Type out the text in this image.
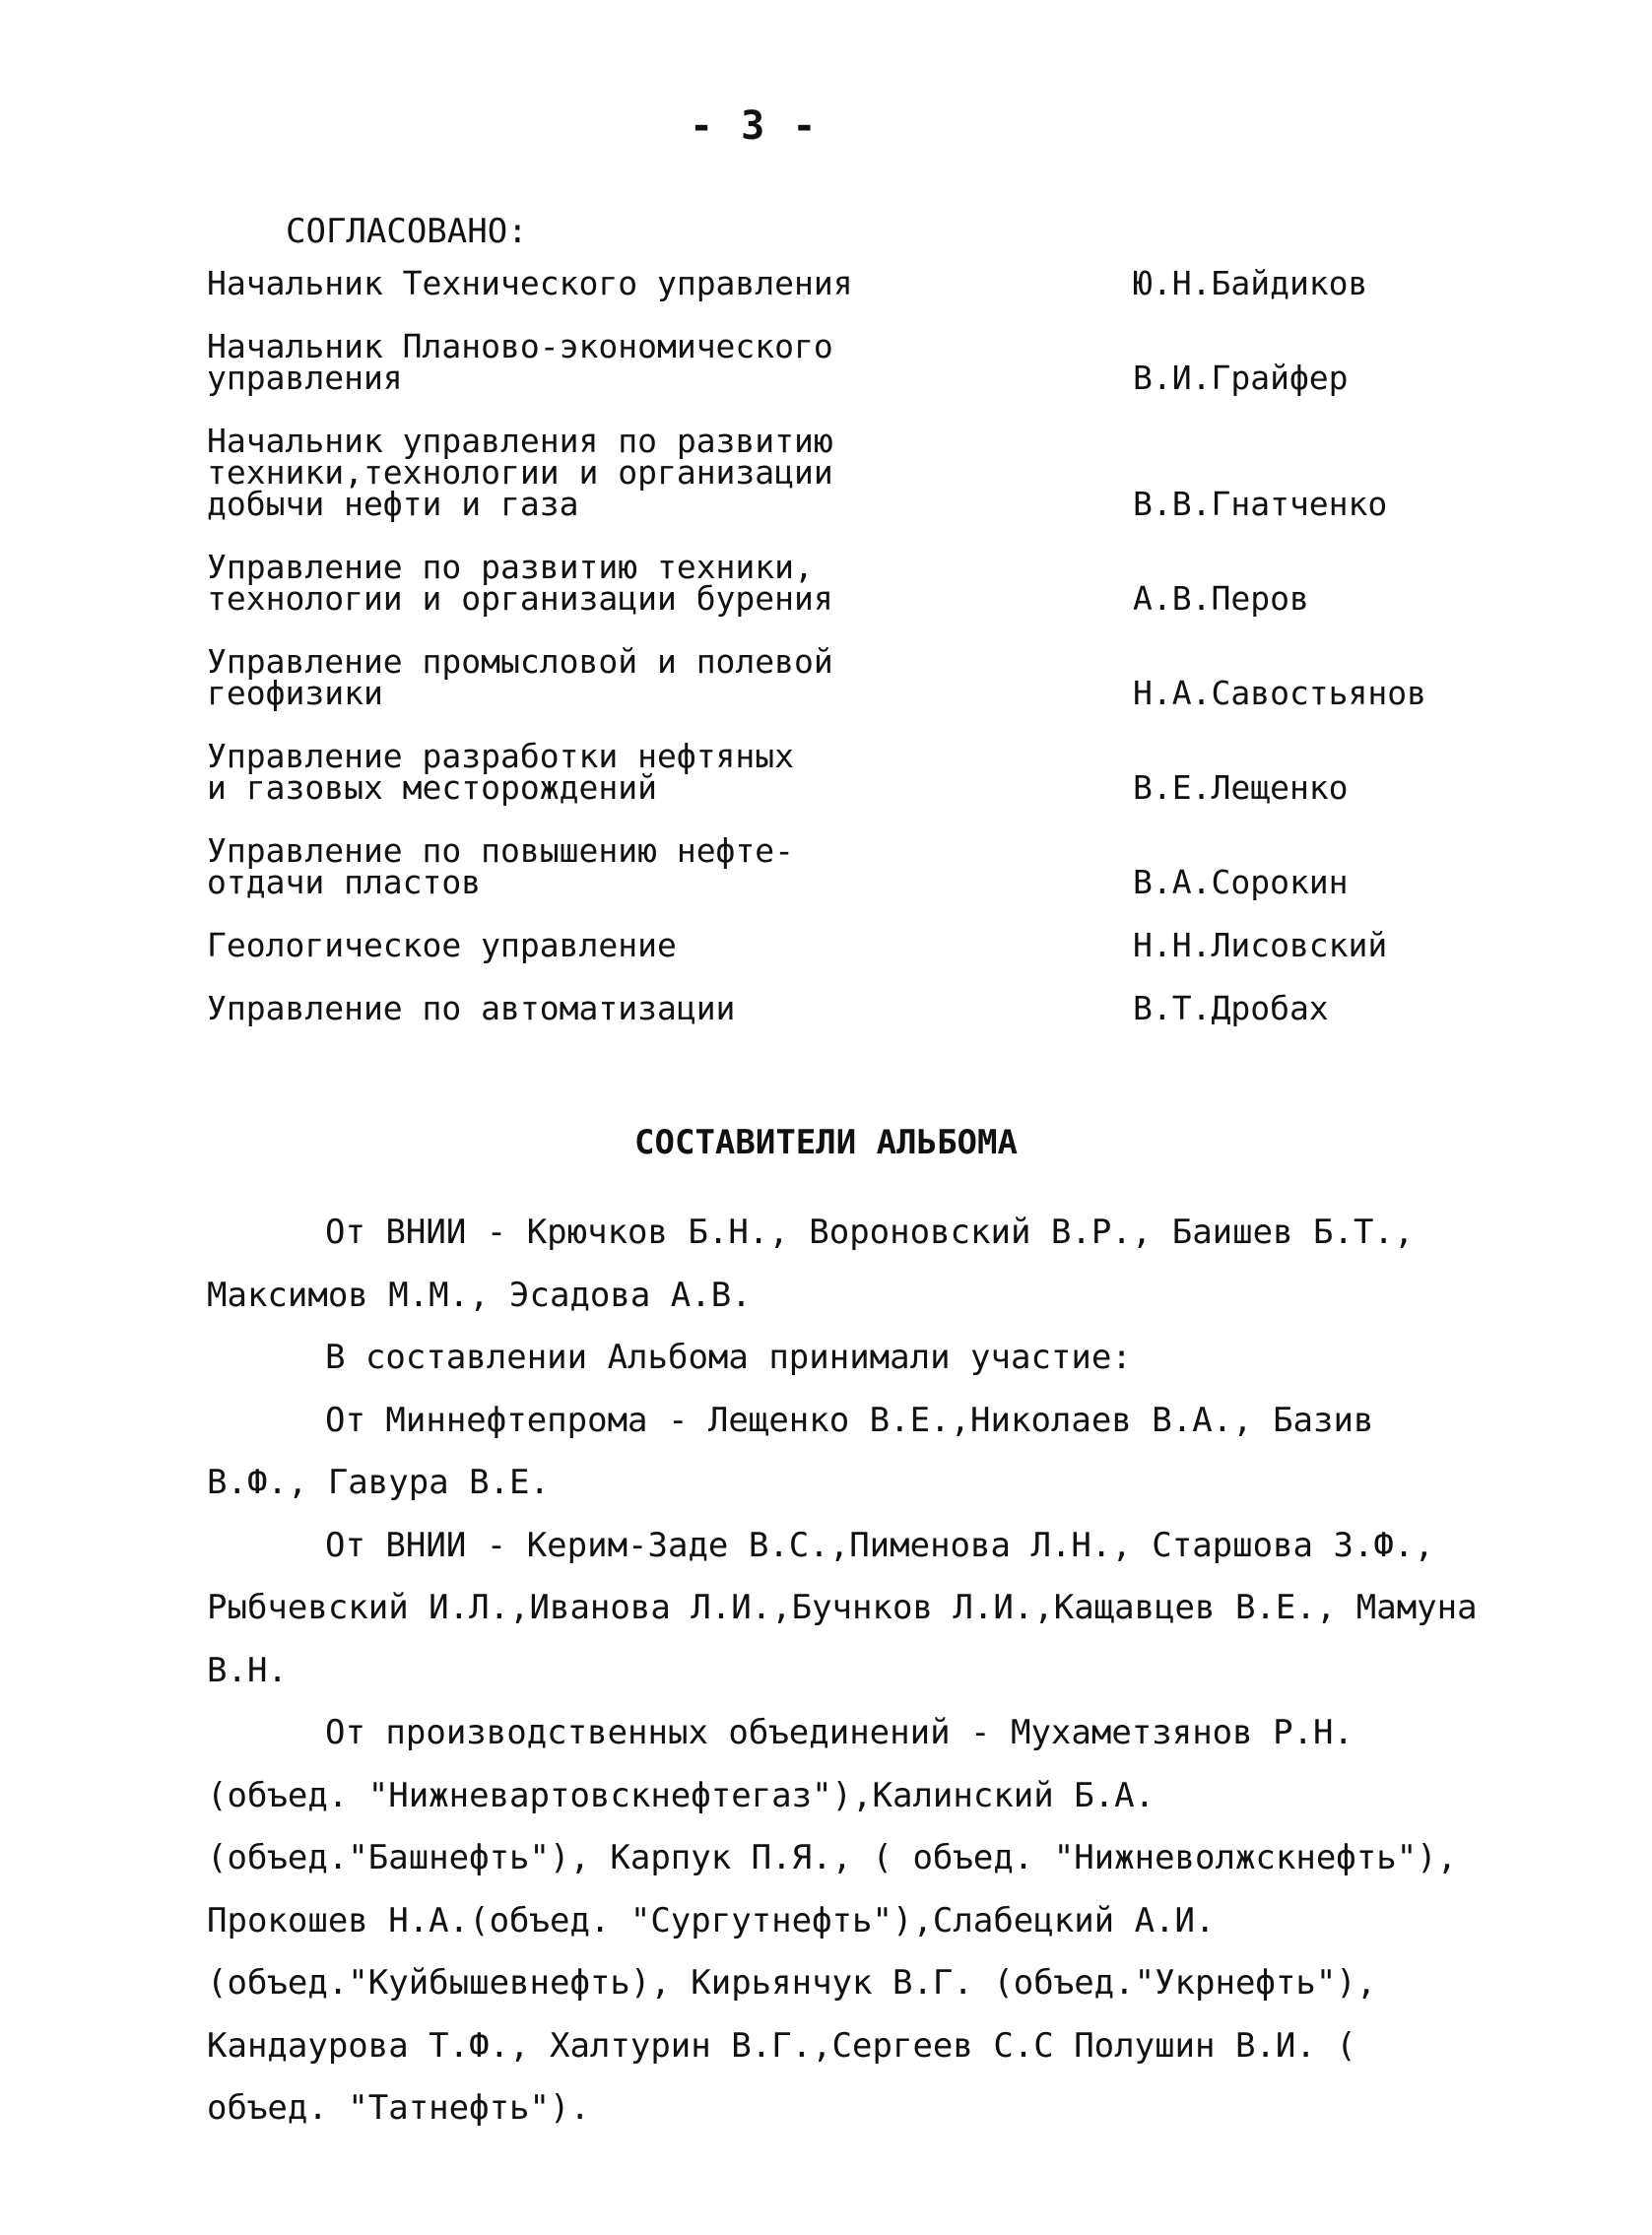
- 3 -
СОГЛАСОВАНО:
Начальник Технического управления	Ю.Н.Байдиков
Начальник Планово-экономического
управления	В.И.Грайфер
Начальник управления по развитию
техники,технологии и организации
добычи нефти и газа	В.В.Гнатченко
Управление по развитию техники,
технологии и организации бурения	А.В.Перов
Управление промысловой и полевой
геофизики	Н.А.Савостьянов
Управление разработки нефтяных
и газовых месторождений	В.Е.Лещенко
Управление по повышению нефте-
отдачи пластов	В.А.Сорокин
Геологическое управление	Н.Н.Лисовский
Управление по автоматизации	В.Т.Дробах
СОСТАВИТЕЛИ АЛЬБОМА

От ВНИИ - Крючков Б.Н., Вороновский В.Р., Баишев Б.Т., Максимов М.М., Эсадова А.В.

В составлении Альбома принимали участие:

От Миннефтепрома - Лещенко В.Е.,Николаев В.А., Базив В.Ф., Гавура В.Е.

От ВНИИ - Керим-Заде В.С.,Пименова Л.Н., Старшова З.Ф., Рыбчевский И.Л.,Иванова Л.И.,Бучнков Л.И.,Кащавцев В.Е., Мамуна В.Н.

От производственных объединений - Мухаметзянов Р.Н. (объед. "Нижневартовскнефтегаз"),Калинский Б.А. (объед."Башнефть"), Карпук П.Я., ( объед. "Нижневолжскнефть"), Прокошев Н.А.(объед. "Сургутнефть"),Слабецкий А.И. (объед."Куйбышевнефть), Кирьянчук В.Г. (объед."Укрнефть"), Кандаурова Т.Ф., Халтурин В.Г.,Сергеев С.С Полушин В.И. ( объед. "Татнефть").
